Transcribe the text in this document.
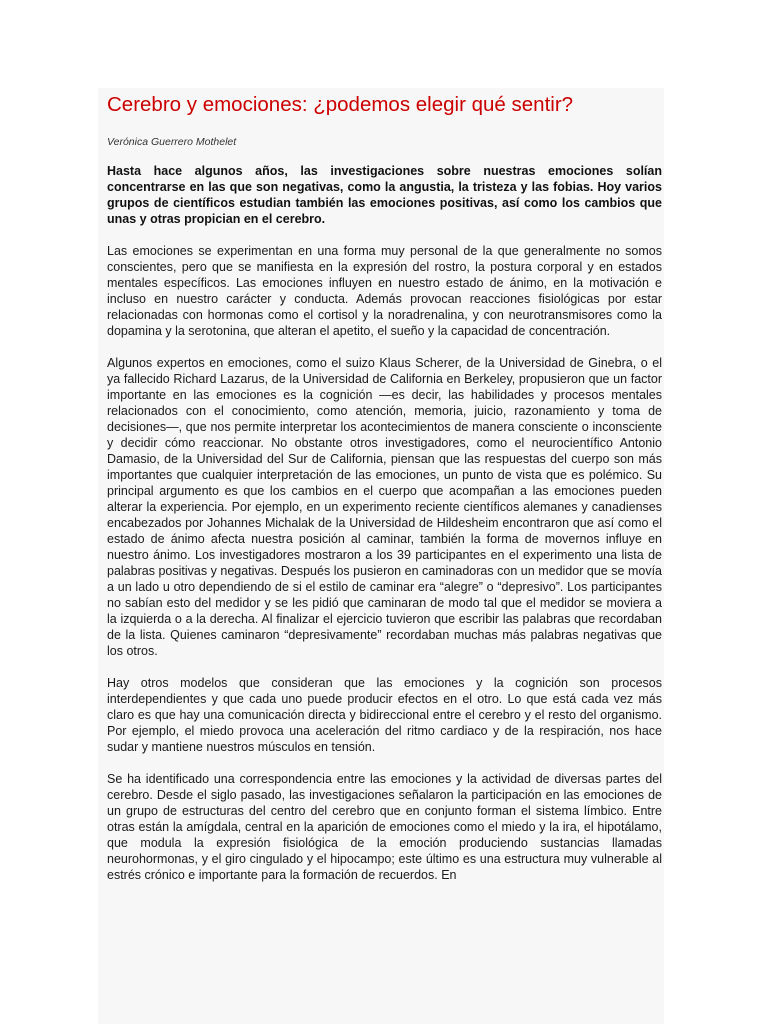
Cerebro y emociones: ¿podemos elegir qué sentir?

Verónica Guerrero Mothelet

Hasta hace algunos años, las investigaciones sobre nuestras emociones solían concentrarse en las que son negativas, como la angustia, la tristeza y las fobias. Hoy varios grupos de científicos estudian también las emociones positivas, así como los cambios que unas y otras propician en el cerebro.

Las emociones se experimentan en una forma muy personal de la que generalmente no somos conscientes, pero que se manifiesta en la expresión del rostro, la postura corporal y en estados mentales específicos. Las emociones influyen en nuestro estado de ánimo, en la motivación e incluso en nuestro carácter y conducta. Además provocan reacciones fisiológicas por estar relacionadas con hormonas como el cortisol y la noradrenalina, y con neurotransmisores como la dopamina y la serotonina, que alteran el apetito, el sueño y la capacidad de concentración.

Algunos expertos en emociones, como el suizo Klaus Scherer, de la Universidad de Ginebra, o el ya fallecido Richard Lazarus, de la Universidad de California en Berkeley, propusieron que un factor importante en las emociones es la cognición —es decir, las habilidades y procesos mentales relacionados con el conocimiento, como atención, memoria, juicio, razonamiento y toma de decisiones—, que nos permite interpretar los acontecimientos de manera consciente o inconsciente y decidir cómo reaccionar. No obstante otros investigadores, como el neurocientífico Antonio Damasio, de la Universidad del Sur de California, piensan que las respuestas del cuerpo son más importantes que cualquier interpretación de las emociones, un punto de vista que es polémico. Su principal argumento es que los cambios en el cuerpo que acompañan a las emociones pueden alterar la experiencia. Por ejemplo, en un experimento reciente científicos alemanes y canadienses encabezados por Johannes Michalak de la Universidad de Hildesheim encontraron que así como el estado de ánimo afecta nuestra posición al caminar, también la forma de movernos influye en nuestro ánimo. Los investigadores mostraron a los 39 participantes en el experimento una lista de palabras positivas y negativas. Después los pusieron en caminadoras con un medidor que se movía a un lado u otro dependiendo de si el estilo de caminar era “alegre” o “depresivo”. Los participantes no sabían esto del medidor y se les pidió que caminaran de modo tal que el medidor se moviera a la izquierda o a la derecha. Al finalizar el ejercicio tuvieron que escribir las palabras que recordaban de la lista. Quienes caminaron “depresivamente” recordaban muchas más palabras negativas que los otros.

Hay otros modelos que consideran que las emociones y la cognición son procesos interdependientes y que cada uno puede producir efectos en el otro. Lo que está cada vez más claro es que hay una comunicación directa y bidireccional entre el cerebro y el resto del organismo. Por ejemplo, el miedo provoca una aceleración del ritmo cardiaco y de la respiración, nos hace sudar y mantiene nuestros músculos en tensión.

Se ha identificado una correspondencia entre las emociones y la actividad de diversas partes del cerebro. Desde el siglo pasado, las investigaciones señalaron la participación en las emociones de un grupo de estructuras del centro del cerebro que en conjunto forman el sistema límbico. Entre otras están la amígdala, central en la aparición de emociones como el miedo y la ira, el hipotálamo, que modula la expresión fisiológica de la emoción produciendo sustancias llamadas neurohormonas, y el giro cingulado y el hipocampo; este último es una estructura muy vulnerable al estrés crónico e importante para la formación de recuerdos. En
